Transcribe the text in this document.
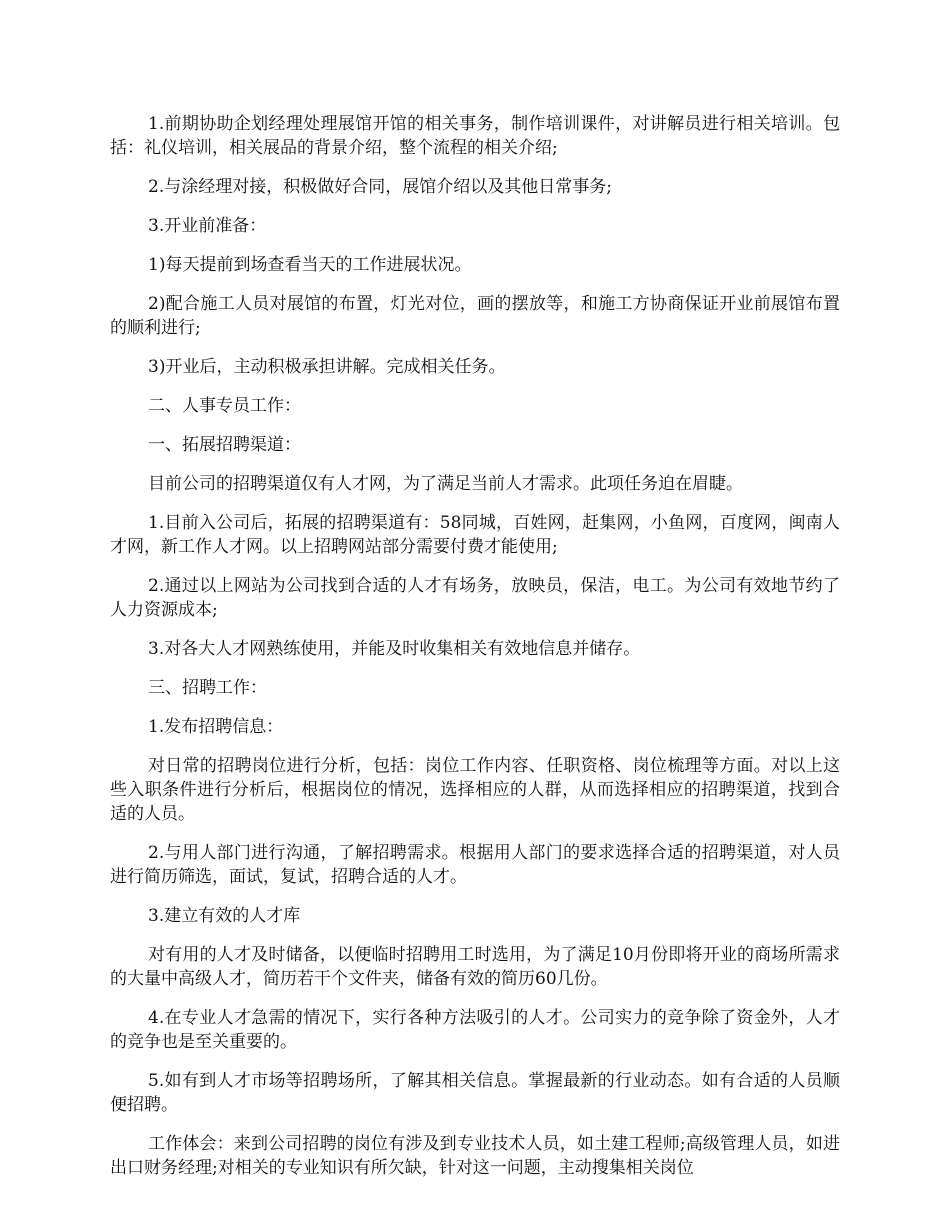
1.前期协助企划经理处理展馆开馆的相关事务，制作培训课件，对讲解员进行相关培训。包括：礼仪培训，相关展品的背景介绍，整个流程的相关介绍;

2.与涂经理对接，积极做好合同，展馆介绍以及其他日常事务;

3.开业前准备：

1)每天提前到场查看当天的工作进展状况。

2)配合施工人员对展馆的布置，灯光对位，画的摆放等，和施工方协商保证开业前展馆布置的顺利进行;

3)开业后，主动积极承担讲解。完成相关任务。

二、人事专员工作：

一、拓展招聘渠道：

目前公司的招聘渠道仅有人才网，为了满足当前人才需求。此项任务迫在眉睫。

1.目前入公司后，拓展的招聘渠道有：58同城，百姓网，赶集网，小鱼网，百度网，闽南人才网，新工作人才网。以上招聘网站部分需要付费才能使用;

2.通过以上网站为公司找到合适的人才有场务，放映员，保洁，电工。为公司有效地节约了人力资源成本;

3.对各大人才网熟练使用，并能及时收集相关有效地信息并储存。

三、招聘工作：

1.发布招聘信息：

对日常的招聘岗位进行分析，包括：岗位工作内容、任职资格、岗位梳理等方面。对以上这些入职条件进行分析后，根据岗位的情况，选择相应的人群，从而选择相应的招聘渠道，找到合适的人员。

2.与用人部门进行沟通，了解招聘需求。根据用人部门的要求选择合适的招聘渠道，对人员进行简历筛选，面试，复试，招聘合适的人才。

3.建立有效的人才库

对有用的人才及时储备，以便临时招聘用工时选用，为了满足10月份即将开业的商场所需求的大量中高级人才，简历若干个文件夹，储备有效的简历60几份。

4.在专业人才急需的情况下，实行各种方法吸引的人才。公司实力的竞争除了资金外，人才的竞争也是至关重要的。

5.如有到人才市场等招聘场所，了解其相关信息。掌握最新的行业动态。如有合适的人员顺便招聘。

工作体会：来到公司招聘的岗位有涉及到专业技术人员，如土建工程师;高级管理人员，如进出口财务经理;对相关的专业知识有所欠缺，针对这一问题，主动搜集相关岗位
